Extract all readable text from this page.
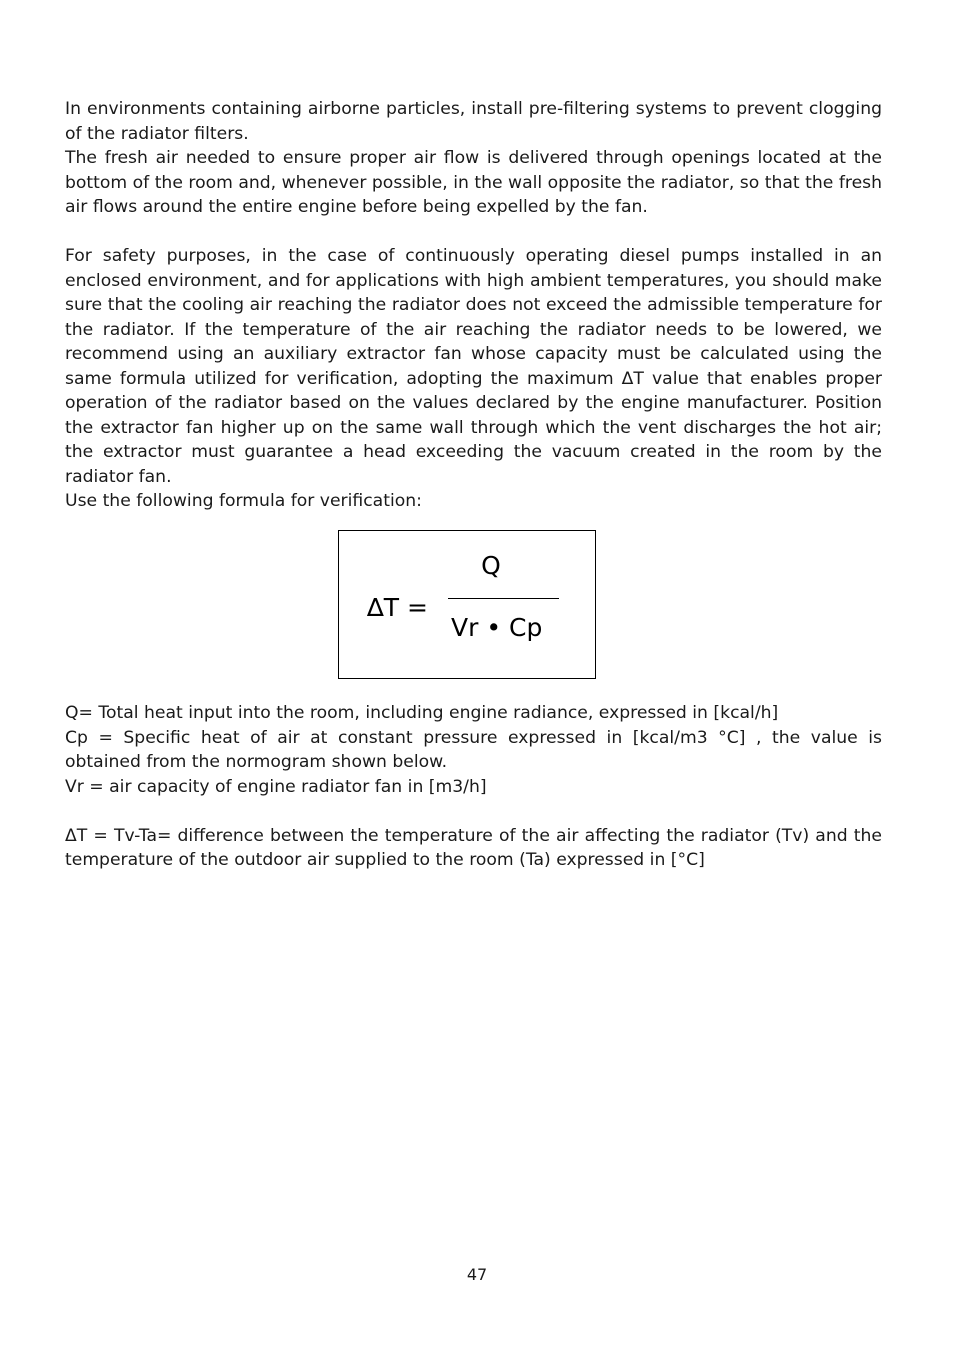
In environments containing airborne particles, install pre-filtering systems to prevent clogging of the radiator filters.

The fresh air needed to ensure proper air flow is delivered through openings located at the bottom of the room and, whenever possible, in the wall opposite the radiator, so that the fresh air flows around the entire engine before being expelled by the fan.

For safety purposes, in the case of continuously operating diesel pumps installed in an enclosed environment, and for applications with high ambient temperatures, you should make sure that the cooling air reaching the radiator does not exceed the admissible temperature for the radiator. If the temperature of the air reaching the radiator needs to be lowered, we recommend using an auxiliary extractor fan whose capacity must be calculated using the same formula utilized for verification, adopting the maximum ΔT value that enables proper operation of the radiator based on the values declared by the engine manufacturer. Position the extractor fan higher up on the same wall through which the vent discharges the hot air; the extractor must guarantee a head exceeding the vacuum created in the room by the radiator fan.

Use the following formula for verification:

∆T =
Q
Vr • Cp

Q= Total heat input into the room, including engine radiance, expressed in [kcal/h]

Cp = Specific heat of air at constant pressure expressed in [kcal/m3 °C] , the value is obtained from the normogram shown below.

Vr = air capacity of engine radiator fan in [m3/h]

ΔT = Tv-Ta= difference between the temperature of the air affecting the radiator (Tv) and the temperature of the outdoor air supplied to the room (Ta) expressed in [°C]

47
